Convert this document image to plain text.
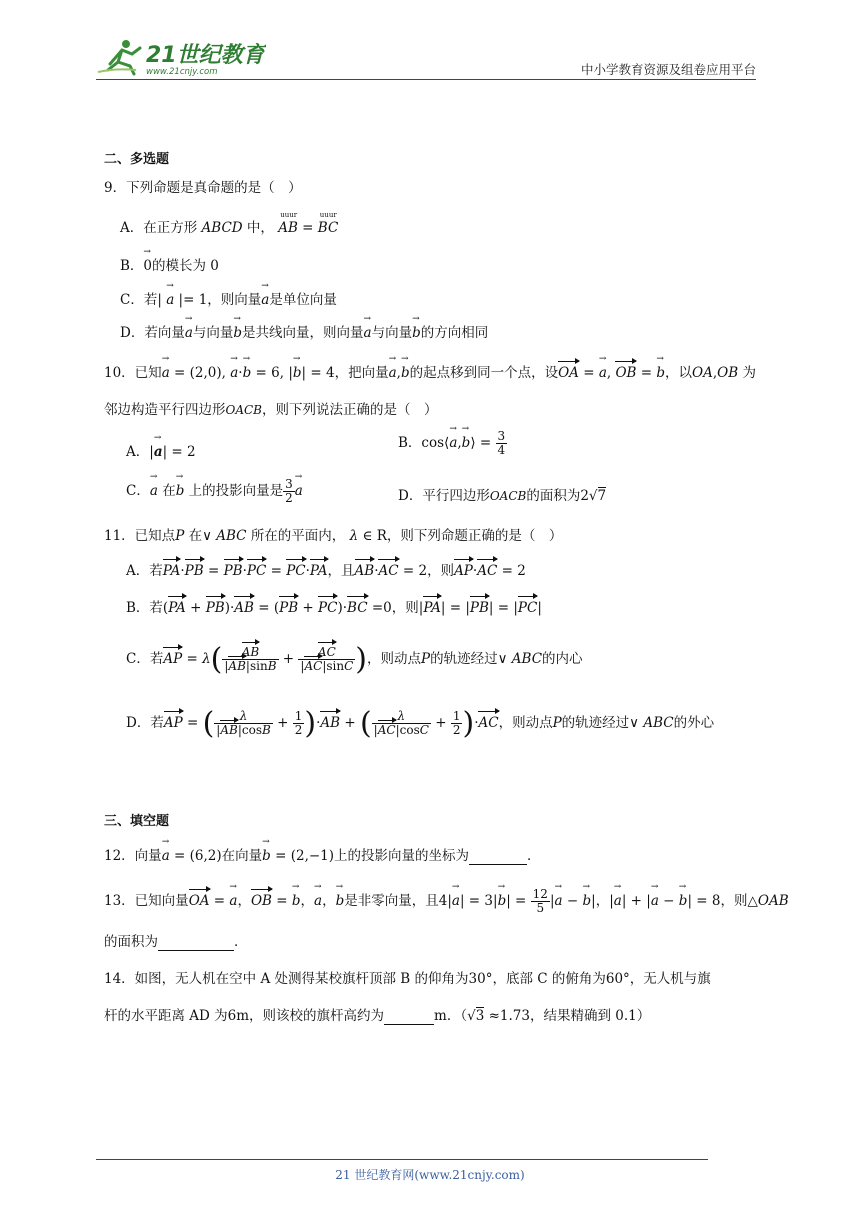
21世纪教育
www.21cnjy.com	中小学教育资源及组卷应用平台
二、多选题
9．下列命题是真命题的是（　）
A．在正方形 ABCD 中，
uuur
AB =
uuur
BC
B．→ 0的模长为 0
C．若| → a |= 1，则向量→ a是单位向量
D．若向量→ a与向量→ b是共线向量，则向量→ a与向量→ b的方向相同
10．已知→ a = (2,0), → a·→ b = 6, |→ b| = 4，把向量→ a,→ b的起点移到同一个点，设OA = → a, OB = → b，以OA,OB 为
邻边构造平行四边形OACB，则下列说法正确的是（　）
A．|→ a| = 2
B．cos⟨→ a,→ b⟩ = $\frac{3}{4}$
C．→ a 在→ b 上的投影向量是 $\frac{3}{2}$
→ a	D．平行四边形OACB的面积为2√7
11．已知点P 在∨ ABC 所在的平面内， λ ∈ R，则下列命题正确的是（　）
A．若PA·PB = PB·PC = PC·PA，且AB·AC = 2，则AP·AC = 2
B．若(PA + PB)·AB = (PB + PC)·BC =0，则|PA| = |PB| = |PC|
C．若AP = $\lambda( \frac{AB}{|AB|\sin B} + \frac{AC}{|AC|\sin C}$ )，则动点P的轨迹经过∨ ABC的内心
D．若AP = ( $\frac{\lambda}{|AB|\cos B} + \frac{1}{2} )\cdot AB$ + ( $\frac{\lambda}{|AC|\cos C} + \frac{1}{2} )\cdot AC$，则动点P的轨迹经过∨ ABC的外心
三、填空题
12．向量→ a = (6,2)在向量→ b = (2,−1)上的投影向量的坐标为	．
13．已知向量OA = → a，OB = → b，→ a，→ b是非零向量，且$4|\to a| = 3|\to b| = \frac{12}{5}$ |→ a − → b|，|→ a| + |→ a − → b| = 8，则△OAB
的面积为	．
14．如图，无人机在空中 A 处测得某校旗杆顶部 B 的仰角为30°，底部 C 的俯角为60°，无人机与旗
杆的水平距离 AD 为6m，则该校的旗杆高约为	m．（√3 ≈1.73，结果精确到 0.1）
21 世纪教育网(www.21cnjy.com)
